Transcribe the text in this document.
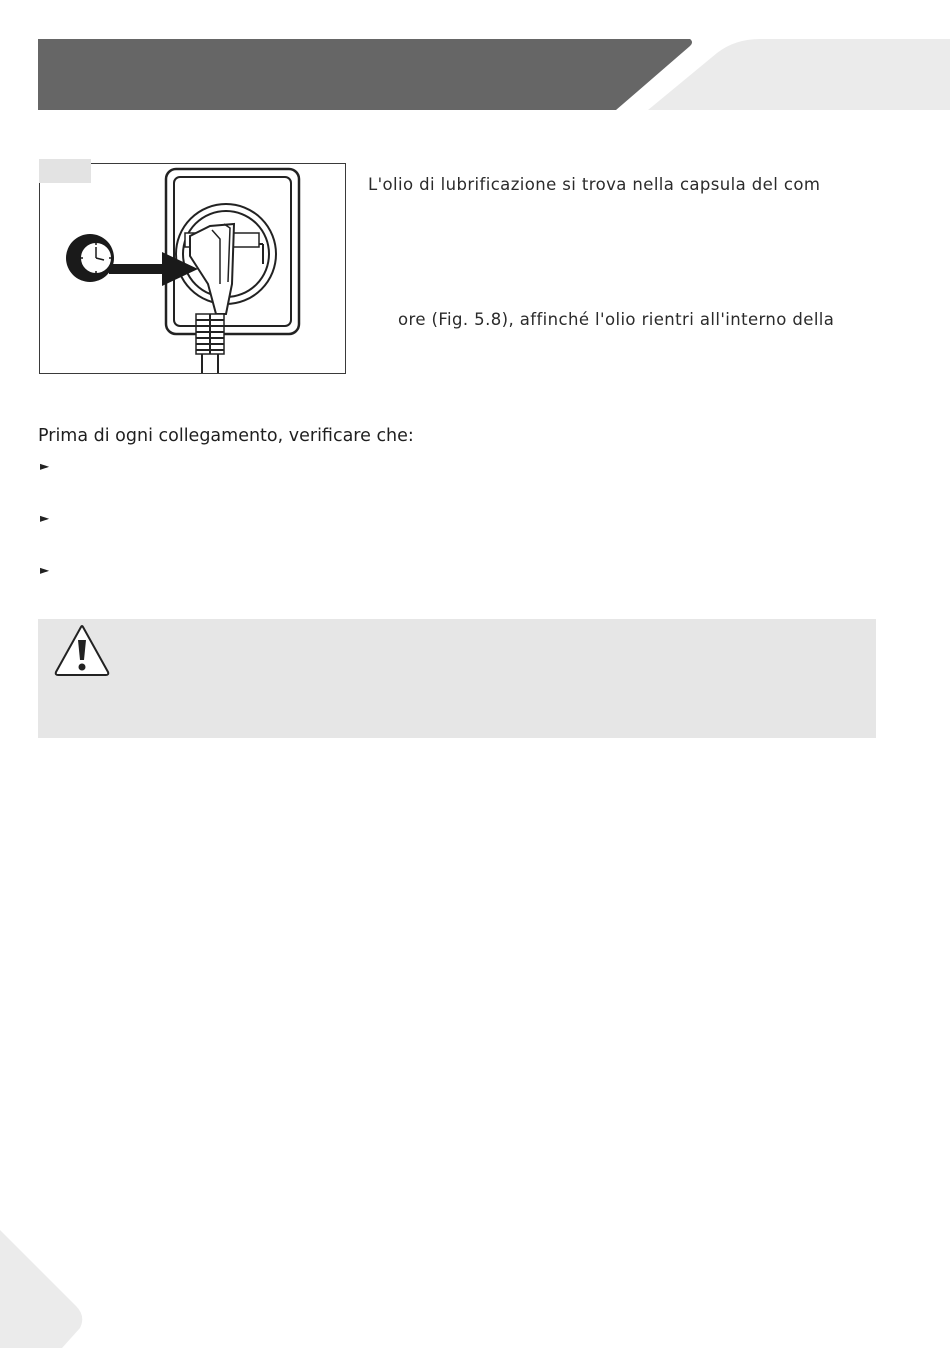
L'olio di lubrificazione si trova nella capsula del com
ore (Fig. 5.8), affinché l'olio rientri all'interno della
Prima di ogni collegamento, verificare che:
►
►
►
